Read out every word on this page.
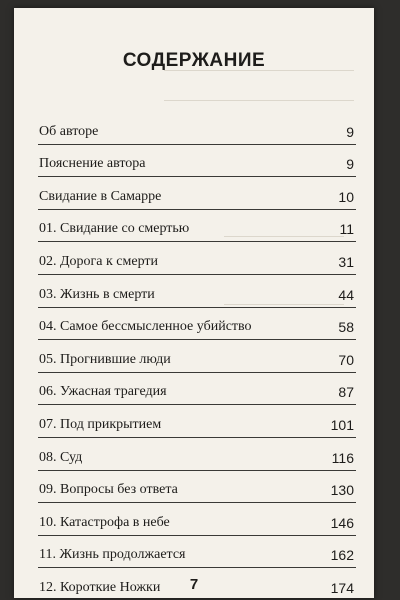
СОДЕРЖАНИЕ
Об авторе	9
Пояснение автора	9
Свидание в Самарре	10
01. Свидание со смертью	11
02. Дорога к смерти	31
03. Жизнь в смерти	44
04. Самое бессмысленное убийство	58
05. Прогнившие люди	70
06. Ужасная трагедия	87
07. Под прикрытием	101
08. Суд	116
09. Вопросы без ответа	130
10. Катастрофа в небе	146
11. Жизнь продолжается	162
12. Короткие Ножки	174
7
